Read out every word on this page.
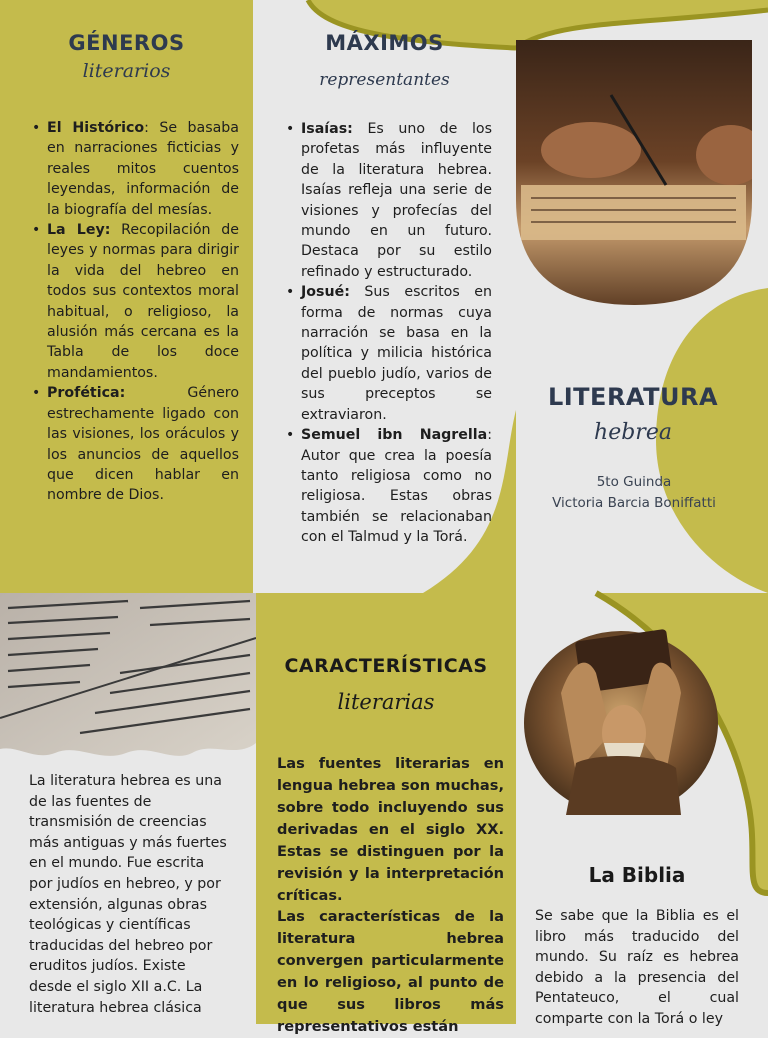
GÉNEROS
literarios
• El Histórico: Se basaba en narraciones ficticias y reales mitos cuentos leyendas, información de la biografía del mesías.
• La Ley: Recopilación de leyes y normas para dirigir la vida del hebreo en todos sus contextos moral habitual, o religioso, la alusión más cercana es la Tabla de los doce mandamientos.
• Profética: Género estrechamente ligado con las visiones, los oráculos y los anuncios de aquellos que dicen hablar en nombre de Dios.
MÁXIMOS
representantes
• Isaías: Es uno de los profetas más influyente de la literatura hebrea. Isaías refleja una serie de visiones y profecías del mundo en un futuro. Destaca por su estilo refinado y estructurado.
• Josué: Sus escritos en forma de normas cuya narración se basa en la política y milicia histórica del pueblo judío, varios de sus preceptos se extraviaron.
• Semuel ibn Nagrella: Autor que crea la poesía tanto religiosa como no religiosa. Estas obras también se relacionaban con el Talmud y la Torá.
LITERATURA
hebrea
5to Guinda
Victoria Barcia Boniffatti
La literatura hebrea es una de las fuentes de transmisión de creencias más antiguas y más fuertes en el mundo. Fue escrita por judíos en hebreo, y por extensión, algunas obras teológicas y científicas traducidas del hebreo por eruditos judíos. Existe desde el siglo XII a.C. La literatura hebrea clásica
CARACTERÍSTICAS
literarias
Las fuentes literarias en lengua hebrea son muchas, sobre todo incluyendo sus derivadas en el siglo XX. Estas se distinguen por la revisión y la interpretación críticas.
Las características de la literatura hebrea convergen particularmente en lo religioso, al punto de que sus libros más representativos están
La Biblia
Se sabe que la Biblia es el libro más traducido del mundo. Su raíz es hebrea debido a la presencia del Pentateuco, el cual comparte con la Torá o ley
